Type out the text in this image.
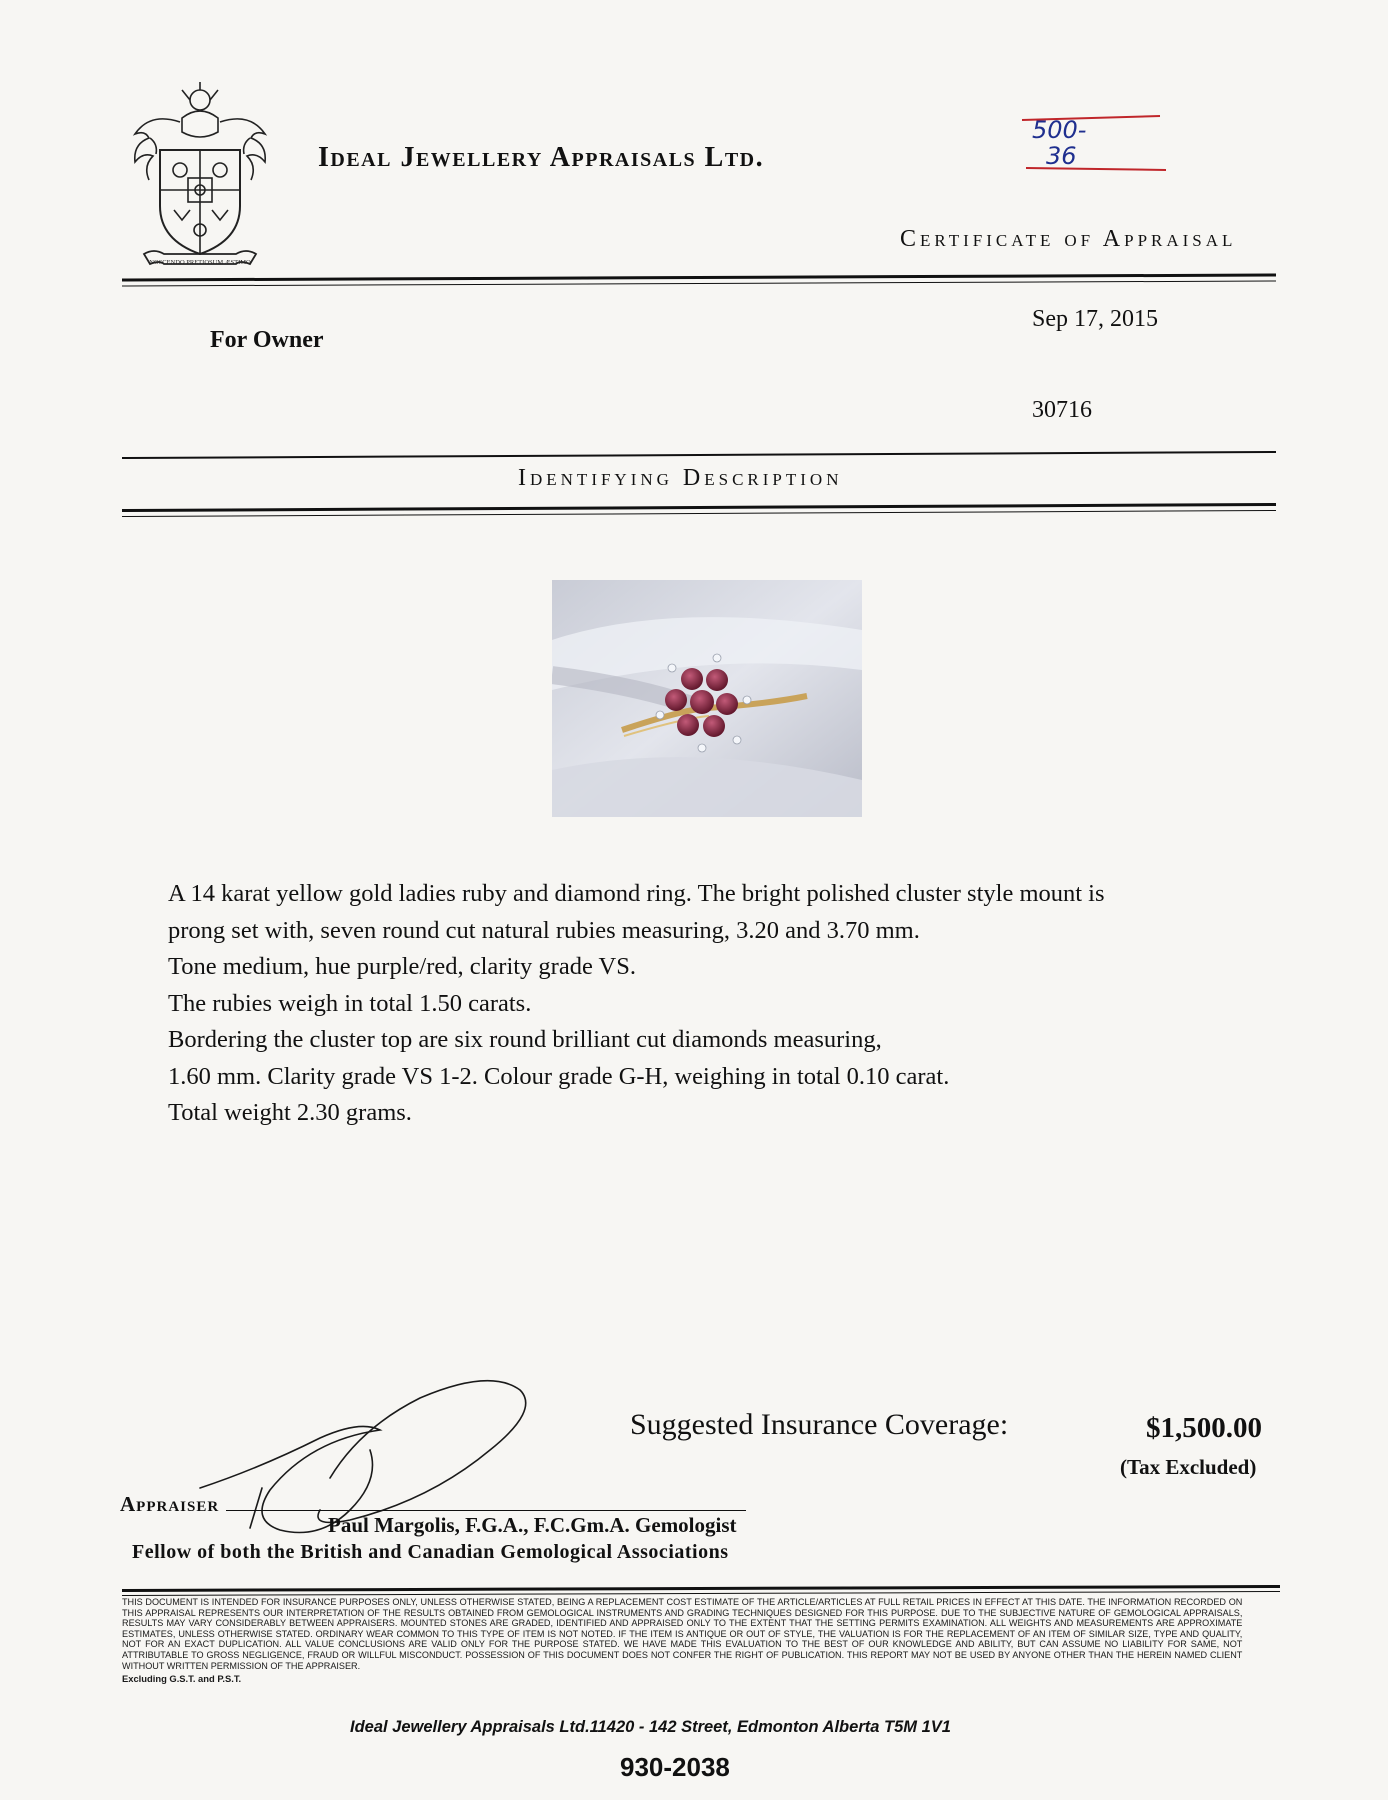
NOSCENDO PRETIOSUM ÆSTIMO
Ideal Jewellery Appraisals Ltd.
500-
36
Certificate of Appraisal
For Owner
Sep 17, 2015
30716
Identifying Description
A 14 karat yellow gold ladies ruby and diamond ring. The bright polished cluster style mount is
prong set with, seven round cut natural rubies measuring, 3.20 and 3.70 mm.
Tone medium, hue purple/red, clarity grade VS.
The rubies weigh in total 1.50 carats.
Bordering the cluster top are six round brilliant cut diamonds measuring,
1.60 mm. Clarity grade VS 1-2. Colour grade G-H, weighing in total 0.10 carat.
Total weight 2.30 grams.
Suggested Insurance Coverage:	$1,500.00
(Tax Excluded)
Appraiser
Paul Margolis, F.G.A., F.C.Gm.A. Gemologist
Fellow of both the British and Canadian Gemological Associations
THIS DOCUMENT IS INTENDED FOR INSURANCE PURPOSES ONLY, UNLESS OTHERWISE STATED, BEING A REPLACEMENT COST ESTIMATE OF THE ARTICLE/ARTICLES AT FULL RETAIL PRICES IN EFFECT AT THIS DATE. THE INFORMATION RECORDED ON THIS APPRAISAL REPRESENTS OUR INTERPRETATION OF THE RESULTS OBTAINED FROM GEMOLOGICAL INSTRUMENTS AND GRADING TECHNIQUES DESIGNED FOR THIS PURPOSE. DUE TO THE SUBJECTIVE NATURE OF GEMOLOGICAL APPRAISALS, RESULTS MAY VARY CONSIDERABLY BETWEEN APPRAISERS. MOUNTED STONES ARE GRADED, IDENTIFIED AND APPRAISED ONLY TO THE EXTENT THAT THE SETTING PERMITS EXAMINATION. ALL WEIGHTS AND MEASUREMENTS ARE APPROXIMATE ESTIMATES, UNLESS OTHERWISE STATED. ORDINARY WEAR COMMON TO THIS TYPE OF ITEM IS NOT NOTED. IF THE ITEM IS ANTIQUE OR OUT OF STYLE, THE VALUATION IS FOR THE REPLACEMENT OF AN ITEM OF SIMILAR SIZE, TYPE AND QUALITY, NOT FOR AN EXACT DUPLICATION. ALL VALUE CONCLUSIONS ARE VALID ONLY FOR THE PURPOSE STATED. WE HAVE MADE THIS EVALUATION TO THE BEST OF OUR KNOWLEDGE AND ABILITY, BUT CAN ASSUME NO LIABILITY FOR SAME, NOT ATTRIBUTABLE TO GROSS NEGLIGENCE, FRAUD OR WILLFUL MISCONDUCT. POSSESSION OF THIS DOCUMENT DOES NOT CONFER THE RIGHT OF PUBLICATION. THIS REPORT MAY NOT BE USED BY ANYONE OTHER THAN THE HEREIN NAMED CLIENT WITHOUT WRITTEN PERMISSION OF THE APPRAISER.
Excluding G.S.T. and P.S.T.
Ideal Jewellery Appraisals Ltd.11420 - 142 Street, Edmonton Alberta T5M 1V1
930-2038
